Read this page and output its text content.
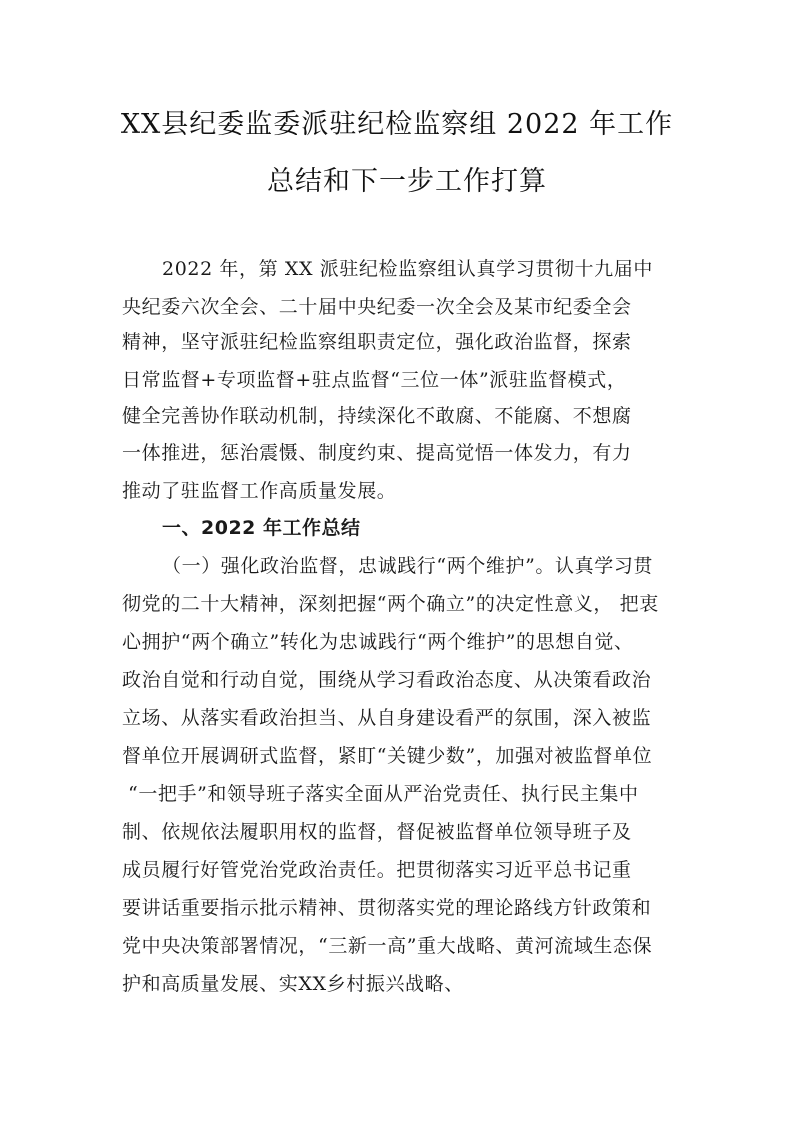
XX县纪委监委派驻纪检监察组 2022 年工作
总结和下一步工作打算
2022 年，第 XX 派驻纪检监察组认真学习贯彻十九届中
央纪委六次全会、二十届中央纪委一次全会及某市纪委全会
精神，坚守派驻纪检监察组职责定位，强化政治监督，探索
日常监督+专项监督+驻点监督“三位一体”派驻监督模式，
健全完善协作联动机制，持续深化不敢腐、不能腐、不想腐
一体推进，惩治震慑、制度约束、提高觉悟一体发力，有力
推动了驻监督工作高质量发展。
一、2022 年工作总结
（一）强化政治监督，忠诚践行“两个维护”。认真学习贯
彻党的二十大精神，深刻把握“两个确立”的决定性意义， 把衷
心拥护“两个确立”转化为忠诚践行“两个维护”的思想自觉、
政治自觉和行动自觉，围绕从学习看政治态度、从决策看政治
立场、从落实看政治担当、从自身建设看严的氛围，深入被监
督单位开展调研式监督，紧盯“关键少数”，加强对被监督单位
“一把手”和领导班子落实全面从严治党责任、执行民主集中
制、依规依法履职用权的监督，督促被监督单位领导班子及
成员履行好管党治党政治责任。把贯彻落实习近平总书记重
要讲话重要指示批示精神、贯彻落实党的理论路线方针政策和
党中央决策部署情况，“三新一高”重大战略、黄河流域生态保
护和高质量发展、实XX乡村振兴战略、
